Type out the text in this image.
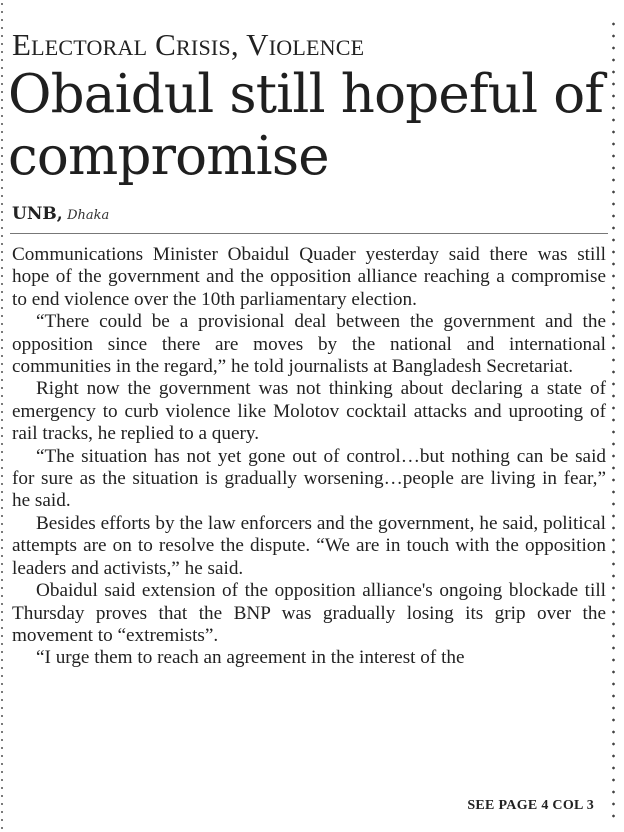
Electoral Crisis, Violence
Obaidul still hopeful of compromise
UNB, Dhaka

Communications Minister Obaidul Quader yesterday said there was still hope of the government and the opposition alliance reaching a compromise to end violence over the 10th parliamentary election.

“There could be a provisional deal between the government and the opposition since there are moves by the national and international communities in the regard,” he told journalists at Bangladesh Secretariat.

Right now the government was not thinking about declaring a state of emergency to curb violence like Molotov cocktail attacks and uprooting of rail tracks, he replied to a query.

“The situation has not yet gone out of control…but nothing can be said for sure as the situation is gradually worsening…people are living in fear,” he said.

Besides efforts by the law enforcers and the government, he said, political attempts are on to resolve the dispute. “We are in touch with the opposition leaders and activists,” he said.

Obaidul said extension of the opposition alliance's ongoing blockade till Thursday proves that the BNP was gradually losing its grip over the movement to “extremists”.

“I urge them to reach an agreement in the interest of the

SEE PAGE 4 COL 3
